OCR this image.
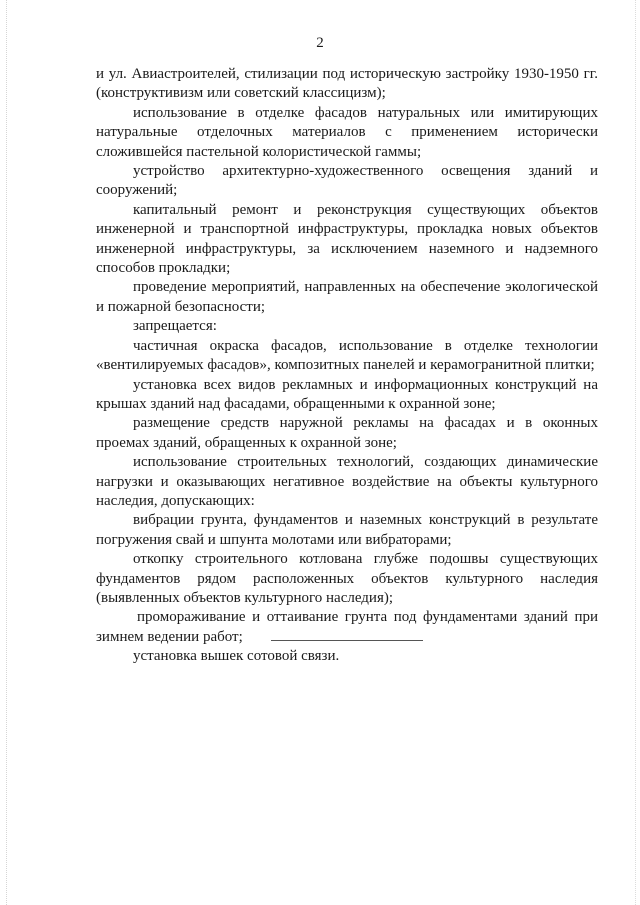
2

и ул. Авиастроителей, стилизации под историческую застройку 1930-1950 гг. (конструктивизм или советский классицизм);

использование в отделке фасадов натуральных или имитирующих натуральные отделочных материалов с применением исторически сложившейся пастельной колористической гаммы;

устройство архитектурно-художественного освещения зданий и сооружений;

капитальный ремонт и реконструкция существующих объектов инженерной и транспортной инфраструктуры, прокладка новых объектов инженерной инфраструктуры, за исключением наземного и надземного способов прокладки;

проведение мероприятий, направленных на обеспечение экологической и пожарной безопасности;

запрещается:

частичная окраска фасадов, использование в отделке технологии «вентилируемых фасадов», композитных панелей и керамогранитной плитки;

установка всех видов рекламных и информационных конструкций на крышах зданий над фасадами, обращенными к охранной зоне;

размещение средств наружной рекламы на фасадах и в оконных проемах зданий, обращенных к охранной зоне;

использование строительных технологий, создающих динамические нагрузки и оказывающих негативное воздействие на объекты культурного наследия, допускающих:

вибрации грунта, фундаментов и наземных конструкций в результате погружения свай и шпунта молотами или вибраторами;

откопку строительного котлована глубже подошвы существующих фундаментов рядом расположенных объектов культурного наследия (выявленных объектов культурного наследия);

промораживание и оттаивание грунта под фундаментами зданий при зимнем ведении работ;

установка вышек сотовой связи.
